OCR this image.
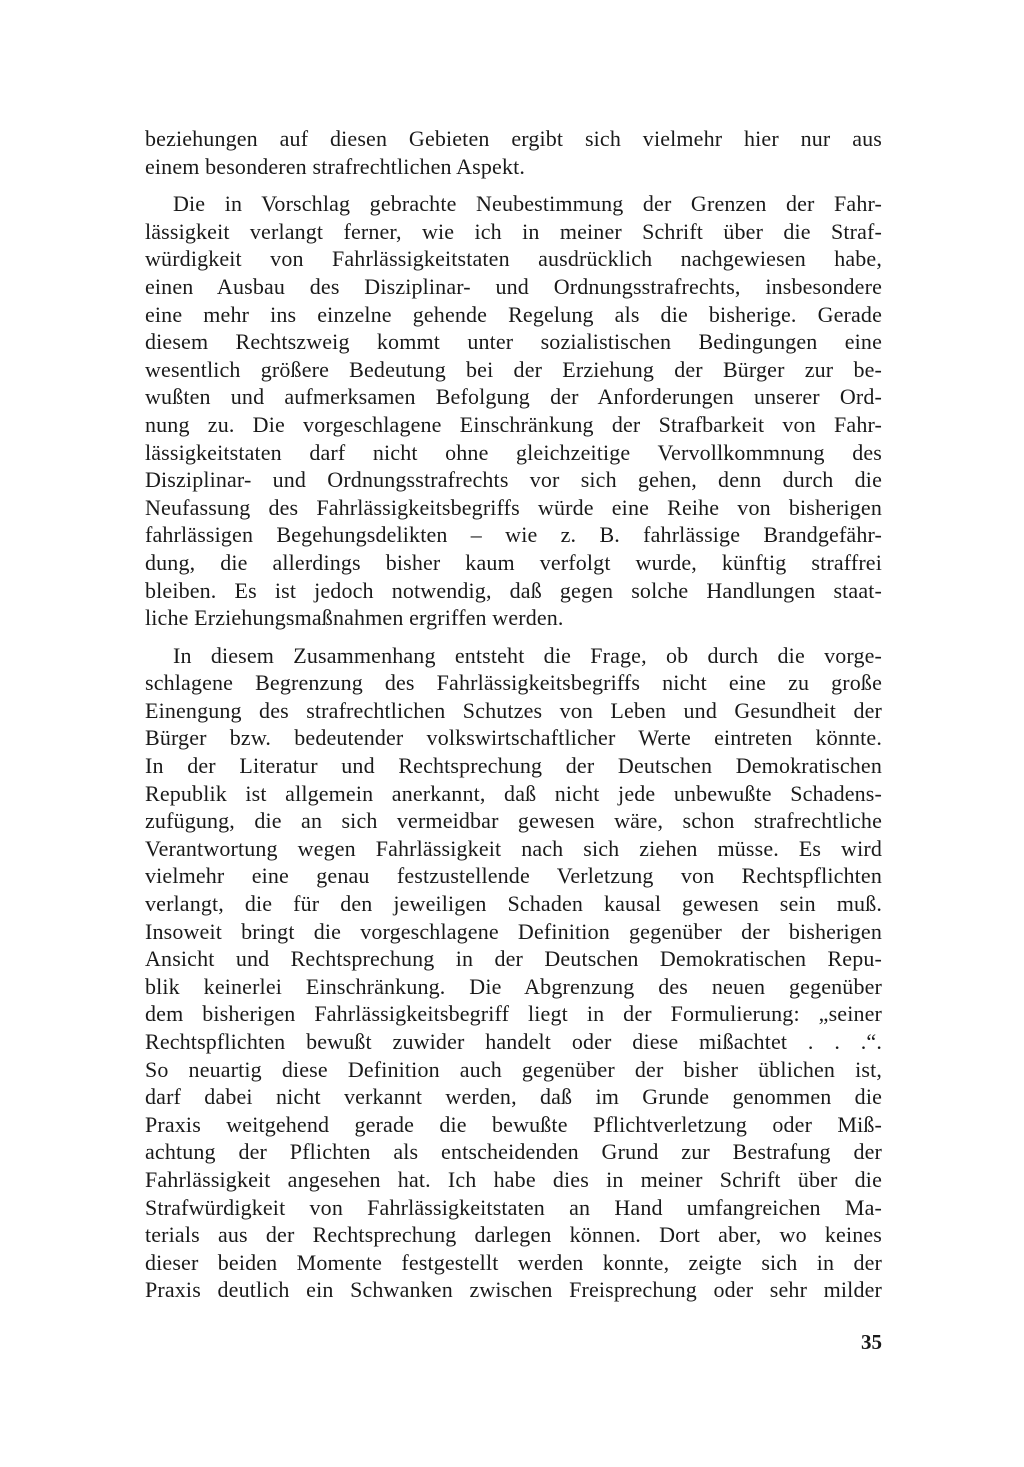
beziehungen auf diesen Gebieten ergibt sich vielmehr hier nur aus
einem besonderen strafrechtlichen Aspekt.
Die in Vorschlag gebrachte Neubestimmung der Grenzen der Fahr-
lässigkeit verlangt ferner, wie ich in meiner Schrift über die Straf-
würdigkeit von Fahrlässigkeitstaten ausdrücklich nachgewiesen habe,
einen Ausbau des Disziplinar- und Ordnungsstrafrechts, insbesondere
eine mehr ins einzelne gehende Regelung als die bisherige. Gerade
diesem Rechtszweig kommt unter sozialistischen Bedingungen eine
wesentlich größere Bedeutung bei der Erziehung der Bürger zur be-
wußten und aufmerksamen Befolgung der Anforderungen unserer Ord-
nung zu. Die vorgeschlagene Einschränkung der Strafbarkeit von Fahr-
lässigkeitstaten darf nicht ohne gleichzeitige Vervollkommnung des
Disziplinar- und Ordnungsstrafrechts vor sich gehen, denn durch die
Neufassung des Fahrlässigkeitsbegriffs würde eine Reihe von bisherigen
fahrlässigen Begehungsdelikten – wie z. B. fahrlässige Brandgefähr-
dung, die allerdings bisher kaum verfolgt wurde, künftig straffrei
bleiben. Es ist jedoch notwendig, daß gegen solche Handlungen staat-
liche Erziehungsmaßnahmen ergriffen werden.
In diesem Zusammenhang entsteht die Frage, ob durch die vorge-
schlagene Begrenzung des Fahrlässigkeitsbegriffs nicht eine zu große
Einengung des strafrechtlichen Schutzes von Leben und Gesundheit der
Bürger bzw. bedeutender volkswirtschaftlicher Werte eintreten könnte.
In der Literatur und Rechtsprechung der Deutschen Demokratischen
Republik ist allgemein anerkannt, daß nicht jede unbewußte Schadens-
zufügung, die an sich vermeidbar gewesen wäre, schon strafrechtliche
Verantwortung wegen Fahrlässigkeit nach sich ziehen müsse. Es wird
vielmehr eine genau festzustellende Verletzung von Rechtspflichten
verlangt, die für den jeweiligen Schaden kausal gewesen sein muß.
Insoweit bringt die vorgeschlagene Definition gegenüber der bisherigen
Ansicht und Rechtsprechung in der Deutschen Demokratischen Repu-
blik keinerlei Einschränkung. Die Abgrenzung des neuen gegenüber
dem bisherigen Fahrlässigkeitsbegriff liegt in der Formulierung: „seiner
Rechtspflichten bewußt zuwider handelt oder diese mißachtet . . .“.
So neuartig diese Definition auch gegenüber der bisher üblichen ist,
darf dabei nicht verkannt werden, daß im Grunde genommen die
Praxis weitgehend gerade die bewußte Pflichtverletzung oder Miß-
achtung der Pflichten als entscheidenden Grund zur Bestrafung der
Fahrlässigkeit angesehen hat. Ich habe dies in meiner Schrift über die
Strafwürdigkeit von Fahrlässigkeitstaten an Hand umfangreichen Ma-
terials aus der Rechtsprechung darlegen können. Dort aber, wo keines
dieser beiden Momente festgestellt werden konnte, zeigte sich in der
Praxis deutlich ein Schwanken zwischen Freisprechung oder sehr milder
35
